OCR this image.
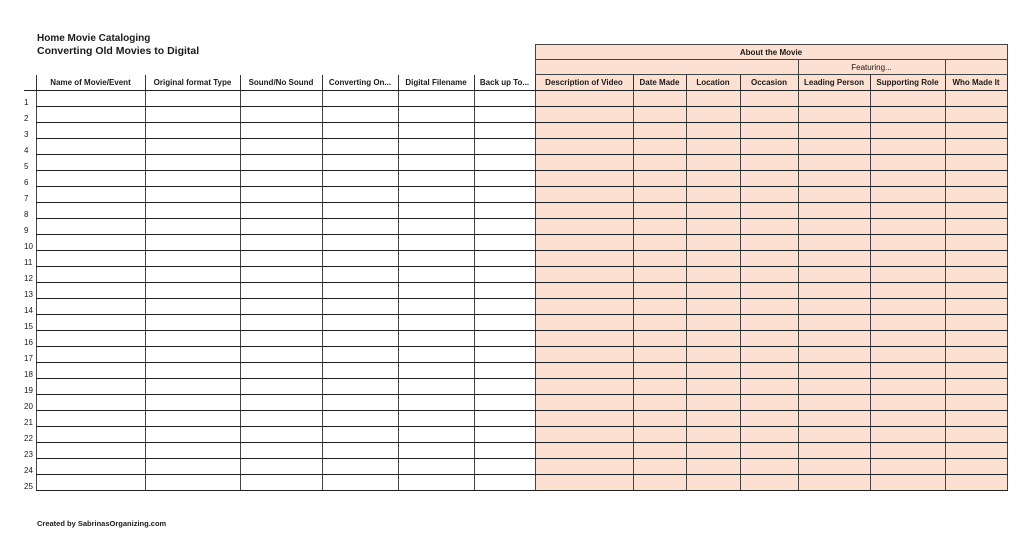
Home Movie Cataloging
Converting Old Movies to Digital
							About the Movie						
											Featuring...		
	Name of Movie/Event	Original format Type	Sound/No Sound	Converting On...	Digital Filename	Back up To...	Description of Video	Date Made	Location	Occasion	Leading Person	Supporting Role	Who Made It
1													
2													
3													
4													
5													
6													
7													
8													
9													
10													
11													
12													
13													
14													
15													
16													
17													
18													
19													
20													
21													
22													
23													
24													
25													
Created by SabrinasOrganizing.com
